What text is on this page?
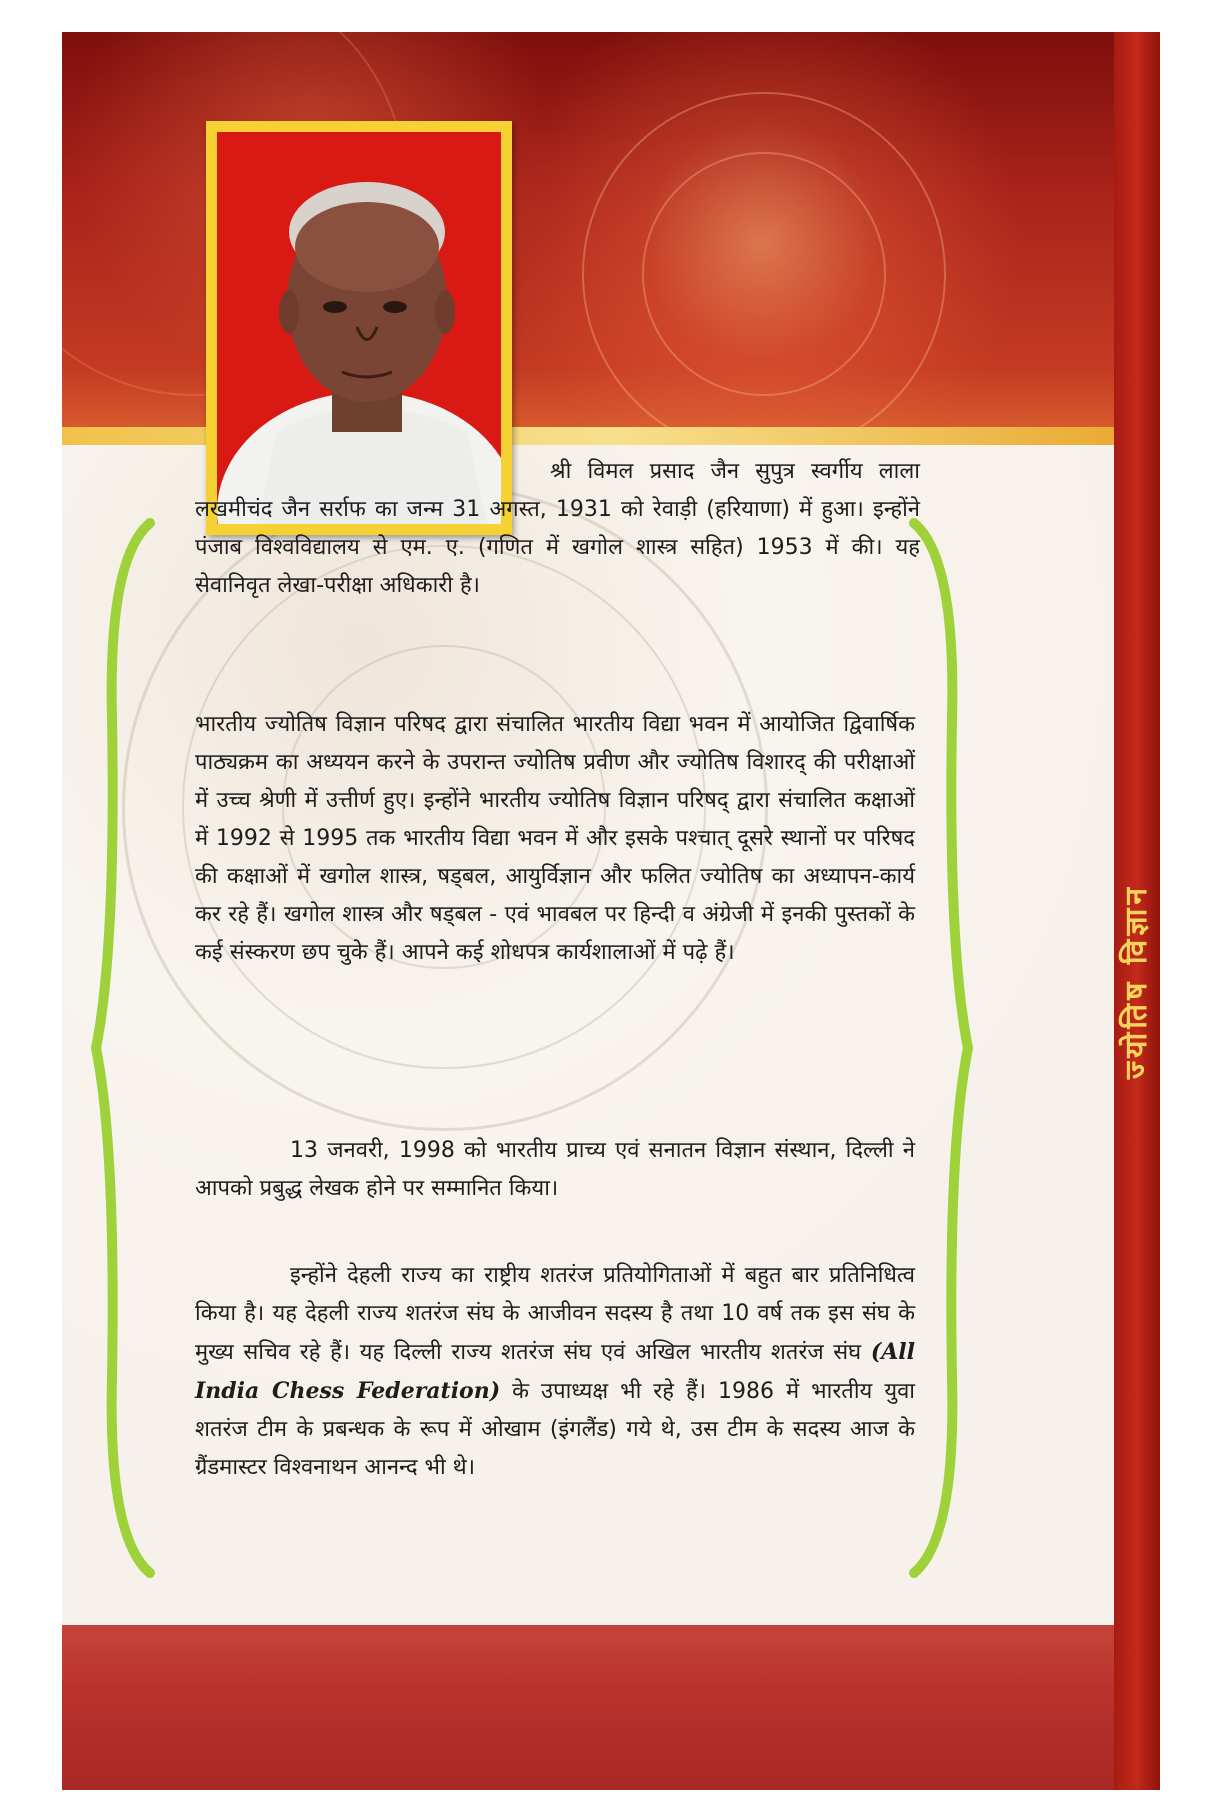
ज्योतिष विज्ञान
श्री विमल प्रसाद जैन सुपुत्र स्वर्गीय लाला लखमीचंद जैन सर्राफ का जन्म 31 अगस्त, 1931 को रेवाड़ी (हरियाणा) में हुआ। इन्होंने पंजाब विश्वविद्यालय से एम. ए. (गणित में खगोल शास्त्र सहित) 1953 में की। यह सेवानिवृत लेखा-परीक्षा अधिकारी है।
भारतीय ज्योतिष विज्ञान परिषद द्वारा संचालित भारतीय विद्या भवन में आयोजित द्विवार्षिक पाठ्यक्रम का अध्ययन करने के उपरान्त ज्योतिष प्रवीण और ज्योतिष विशारद् की परीक्षाओं में उच्च श्रेणी में उत्तीर्ण हुए। इन्होंने भारतीय ज्योतिष विज्ञान परिषद् द्वारा संचालित कक्षाओं में 1992 से 1995 तक भारतीय विद्या भवन में और इसके पश्चात् दूसरे स्थानों पर परिषद की कक्षाओं में खगोल शास्त्र, षड्बल, आयुर्विज्ञान और फलित ज्योतिष का अध्यापन-कार्य कर रहे हैं। खगोल शास्त्र और षड्बल - एवं भावबल पर हिन्दी व अंग्रेजी में इनकी पुस्तकों के कई संस्करण छप चुके हैं। आपने कई शोधपत्र कार्यशालाओं में पढ़े हैं।
13 जनवरी, 1998 को भारतीय प्राच्य एवं सनातन विज्ञान संस्थान, दिल्ली ने आपको प्रबुद्ध लेखक होने पर सम्मानित किया।
इन्होंने देहली राज्य का राष्ट्रीय शतरंज प्रतियोगिताओं में बहुत बार प्रतिनिधित्व किया है। यह देहली राज्य शतरंज संघ के आजीवन सदस्य है तथा 10 वर्ष तक इस संघ के मुख्य सचिव रहे हैं। यह दिल्ली राज्य शतरंज संघ एवं अखिल भारतीय शतरंज संघ (All India Chess Federation) के उपाध्यक्ष भी रहे हैं। 1986 में भारतीय युवा शतरंज टीम के प्रबन्धक के रूप में ओखाम (इंगलैंड) गये थे, उस टीम के सदस्य आज के ग्रैंडमास्टर विश्वनाथन आनन्द भी थे।
